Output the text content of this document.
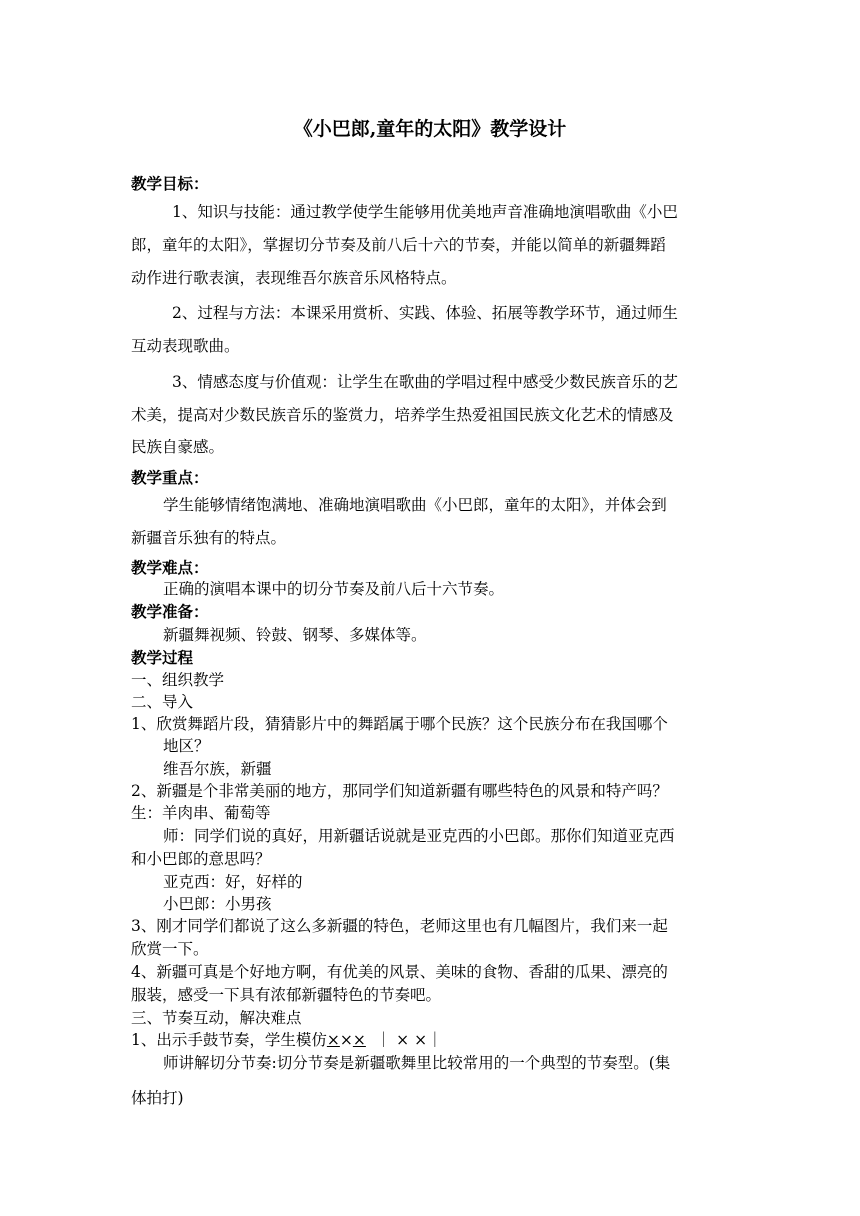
《小巴郎,童年的太阳》教学设计
教学目标：
1、知识与技能：通过教学使学生能够用优美地声音准确地演唱歌曲《小巴
郎，童年的太阳》，掌握切分节奏及前八后十六的节奏，并能以简单的新疆舞蹈
动作进行歌表演，表现维吾尔族音乐风格特点。
2、过程与方法：本课采用赏析、实践、体验、拓展等教学环节，通过师生
互动表现歌曲。
3、情感态度与价值观：让学生在歌曲的学唱过程中感受少数民族音乐的艺
术美，提高对少数民族音乐的鉴赏力，培养学生热爱祖国民族文化艺术的情感及
民族自豪感。
教学重点：
学生能够情绪饱满地、准确地演唱歌曲《小巴郎，童年的太阳》，并体会到
新疆音乐独有的特点。
教学难点：
正确的演唱本课中的切分节奏及前八后十六节奏。
教学准备：
新疆舞视频、铃鼓、钢琴、多媒体等。
教学过程
一、组织教学
二、导入
1、欣赏舞蹈片段，猜猜影片中的舞蹈属于哪个民族？这个民族分布在我国哪个
地区？
维吾尔族，新疆
2、新疆是个非常美丽的地方，那同学们知道新疆有哪些特色的风景和特产吗？
生：羊肉串、葡萄等
师：同学们说的真好，用新疆话说就是亚克西的小巴郎。那你们知道亚克西
和小巴郎的意思吗？
亚克西：好，好样的
小巴郎：小男孩
3、刚才同学们都说了这么多新疆的特色，老师这里也有几幅图片，我们来一起
欣赏一下。
4、新疆可真是个好地方啊，有优美的风景、美味的食物、香甜的瓜果、漂亮的
服装，感受一下具有浓郁新疆特色的节奏吧。
三、节奏互动，解决难点
1、出示手鼓节奏，学生模仿××× ｜ × ×｜
师讲解切分节奏:切分节奏是新疆歌舞里比较常用的一个典型的节奏型。(集
体拍打)
